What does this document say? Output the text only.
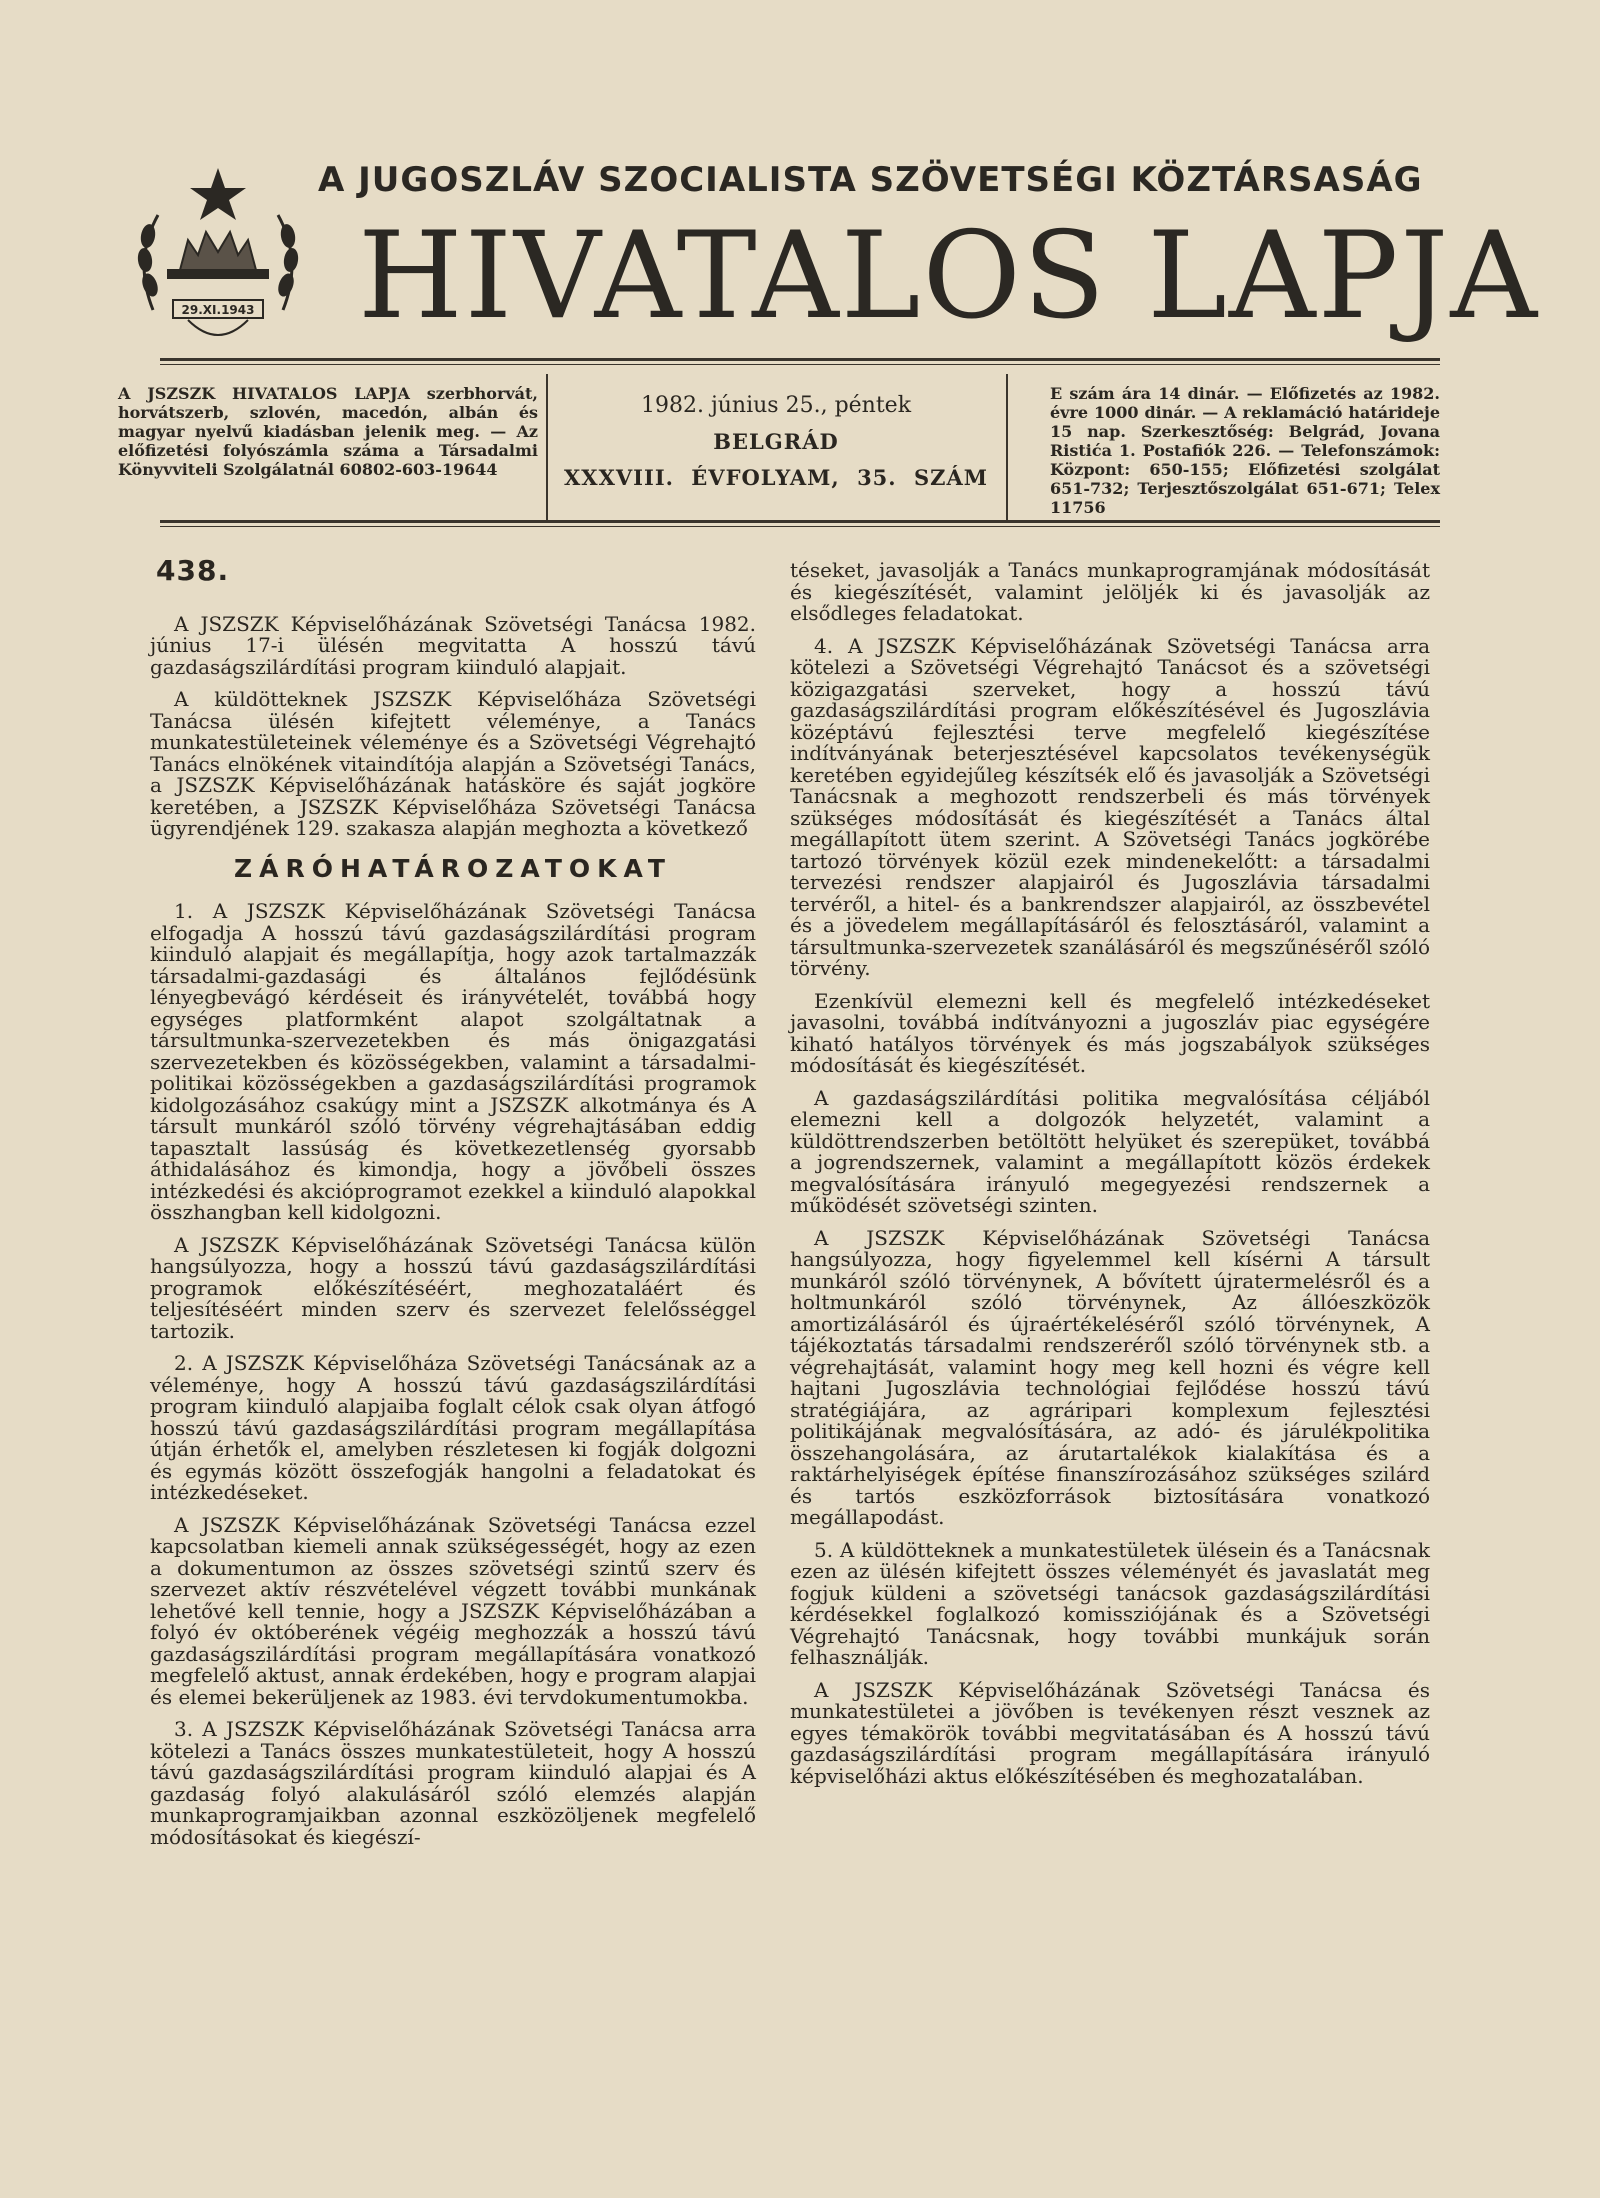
29.XI.1943
A JUGOSZLÁV SZOCIALISTA SZÖVETSÉGI KÖZTÁRSASÁG
HIVATALOS LAPJA
A JSZSZK HIVATALOS LAPJA szerbhorvát, horvátszerb, szlovén, macedón, albán és magyar nyelvű kiadásban jelenik meg. — Az előfizetési folyószámla száma a Társadalmi Könyvviteli Szolgálatnál 60802-603-19644
1982. június 25., péntek
BELGRÁD
XXXVIII. ÉVFOLYAM, 35. SZÁM
E szám ára 14 dinár. — Előfizetés az 1982. évre 1000 dinár. — A reklamáció határideje 15 nap. Szerkesztőség: Belgrád, Jovana Ristića 1. Postafiók 226. — Telefonszámok: Központ: 650-155; Előfizetési szolgálat 651-732; Terjesztőszolgálat 651-671; Telex 11756
438.

A JSZSZK Képviselőházának Szövetségi Tanácsa 1982. június 17-i ülésén megvitatta A hosszú távú gazdaságszilárdítási program kiinduló alapjait.

A küldötteknek JSZSZK Képviselőháza Szövetségi Tanácsa ülésén kifejtett véleménye, a Tanács munkatestületeinek véleménye és a Szövetségi Végrehajtó Tanács elnökének vitaindítója alapján a Szövetségi Tanács, a JSZSZK Képviselőházának hatásköre és saját jogköre keretében, a JSZSZK Képviselőháza Szövetségi Tanácsa ügyrendjének 129. szakasza alapján meghozta a következő

ZÁRÓHATÁROZATOKAT

1. A JSZSZK Képviselőházának Szövetségi Tanácsa elfogadja A hosszú távú gazdaságszilárdítási program kiinduló alapjait és megállapítja, hogy azok tartalmazzák társadalmi-gazdasági és általános fejlődésünk lényegbevágó kérdéseit és irányvételét, továbbá hogy egységes platformként alapot szolgáltatnak a társultmunka-szervezetekben és más önigazgatási szervezetekben és közösségekben, valamint a társadalmi-politikai közösségekben a gazdaságszilárdítási programok kidolgozásához csakúgy mint a JSZSZK alkotmánya és A társult munkáról szóló törvény végrehajtásában eddig tapasztalt lassúság és következetlenség gyorsabb áthidalásához és kimondja, hogy a jövőbeli összes intézkedési és akcióprogramot ezekkel a kiinduló alapokkal összhangban kell kidolgozni.

A JSZSZK Képviselőházának Szövetségi Tanácsa külön hangsúlyozza, hogy a hosszú távú gazdaságszilárdítási programok előkészítéséért, meghozataláért és teljesítéséért minden szerv és szervezet felelősséggel tartozik.

2. A JSZSZK Képviselőháza Szövetségi Tanácsának az a véleménye, hogy A hosszú távú gazdaságszilárdítási program kiinduló alapjaiba foglalt célok csak olyan átfogó hosszú távú gazdaságszilárdítási program megállapítása útján érhetők el, amelyben részletesen ki fogják dolgozni és egymás között összefogják hangolni a feladatokat és intézkedéseket.

A JSZSZK Képviselőházának Szövetségi Tanácsa ezzel kapcsolatban kiemeli annak szükségességét, hogy az ezen a dokumentumon az összes szövetségi szintű szerv és szervezet aktív részvételével végzett további munkának lehetővé kell tennie, hogy a JSZSZK Képviselőházában a folyó év októberének végéig meghozzák a hosszú távú gazdaságszilárdítási program megállapítására vonatkozó megfelelő aktust, annak érdekében, hogy e program alapjai és elemei bekerüljenek az 1983. évi tervdokumentumokba.

3. A JSZSZK Képviselőházának Szövetségi Tanácsa arra kötelezi a Tanács összes munkatestületeit, hogy A hosszú távú gazdaságszilárdítási program kiinduló alapjai és A gazdaság folyó alakulásáról szóló elemzés alapján munkaprogramjaikban azonnal eszközöljenek megfelelő módosításokat és kiegészí-

téseket, javasolják a Tanács munkaprogramjának módosítását és kiegészítését, valamint jelöljék ki és javasolják az elsődleges feladatokat.

4. A JSZSZK Képviselőházának Szövetségi Tanácsa arra kötelezi a Szövetségi Végrehajtó Tanácsot és a szövetségi közigazgatási szerveket, hogy a hosszú távú gazdaságszilárdítási program előkészítésével és Jugoszlávia középtávú fejlesztési terve megfelelő kiegészítése indítványának beterjesztésével kapcsolatos tevékenységük keretében egyidejűleg készítsék elő és javasolják a Szövetségi Tanácsnak a meghozott rendszerbeli és más törvények szükséges módosítását és kiegészítését a Tanács által megállapított ütem szerint. A Szövetségi Tanács jogkörébe tartozó törvények közül ezek mindenekelőtt: a társadalmi tervezési rendszer alapjairól és Jugoszlávia társadalmi tervéről, a hitel- és a bankrendszer alapjairól, az összbevétel és a jövedelem megállapításáról és felosztásáról, valamint a társultmunka-szervezetek szanálásáról és megszűnéséről szóló törvény.

Ezenkívül elemezni kell és megfelelő intézkedéseket javasolni, továbbá indítványozni a jugoszláv piac egységére kiható hatályos törvények és más jogszabályok szükséges módosítását és kiegészítését.

A gazdaságszilárdítási politika megvalósítása céljából elemezni kell a dolgozók helyzetét, valamint a küldöttrendszerben betöltött helyüket és szerepüket, továbbá a jogrendszernek, valamint a megállapított közös érdekek megvalósítására irányuló megegyezési rendszernek a működését szövetségi szinten.

A JSZSZK Képviselőházának Szövetségi Tanácsa hangsúlyozza, hogy figyelemmel kell kísérni A társult munkáról szóló törvénynek, A bővített újratermelésről és a holtmunkáról szóló törvénynek, Az állóeszközök amortizálásáról és újraértékeléséről szóló törvénynek, A tájékoztatás társadalmi rendszeréről szóló törvénynek stb. a végrehajtását, valamint hogy meg kell hozni és végre kell hajtani Jugoszlávia technológiai fejlődése hosszú távú stratégiájára, az agráripari komplexum fejlesztési politikájának megvalósítására, az adó- és járulékpolitika összehangolására, az árutartalékok kialakítása és a raktárhelyiségek építése finanszírozásához szükséges szilárd és tartós eszközforrások biztosítására vonatkozó megállapodást.

5. A küldötteknek a munkatestületek ülésein és a Tanácsnak ezen az ülésén kifejtett összes véleményét és javaslatát meg fogjuk küldeni a szövetségi tanácsok gazdaságszilárdítási kérdésekkel foglalkozó komissziójának és a Szövetségi Végrehajtó Tanácsnak, hogy további munkájuk során felhasználják.

A JSZSZK Képviselőházának Szövetségi Tanácsa és munkatestületei a jövőben is tevékenyen részt vesznek az egyes témakörök további megvitatásában és A hosszú távú gazdaságszilárdítási program megállapítására irányuló képviselőházi aktus előkészítésében és meghozatalában.
